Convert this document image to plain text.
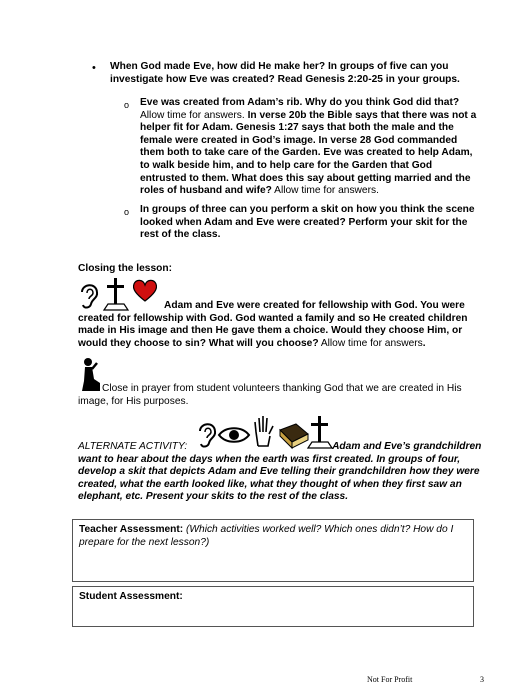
• When God made Eve, how did He make her? In groups of five can you investigate how Eve was created? Read Genesis 2:20-25 in your groups.
o Eve was created from Adam’s rib. Why do you think God did that? Allow time for answers. In verse 20b the Bible says that there was not a helper fit for Adam. Genesis 1:27 says that both the male and the female were created in God’s image. In verse 28 God commanded them both to take care of the Garden. Eve was created to help Adam, to walk beside him, and to help care for the Garden that God entrusted to them. What does this say about getting married and the roles of husband and wife? Allow time for answers.
o In groups of three can you perform a skit on how you think the scene looked when Adam and Eve were created? Perform your skit for the rest of the class.
Closing the lesson:
Adam and Eve were created for fellowship with God. You were created for fellowship with God. God wanted a family and so He created children made in His image and then He gave them a choice. Would they choose Him, or would they choose to sin? What will you choose? Allow time for answers.
Close in prayer from student volunteers thanking God that we are created in His image, for His purposes.
ALTERNATE ACTIVITY:	Adam and Eve’s grandchildren want to hear about the days when the earth was first created. In groups of four, develop a skit that depicts Adam and Eve telling their grandchildren how they were created, what the earth looked like, what they thought of when they first saw an elephant, etc. Present your skits to the rest of the class.
Teacher Assessment: (Which activities worked well? Which ones didn’t? How do I prepare for the next lesson?)
Student Assessment:
Not For Profit	3
